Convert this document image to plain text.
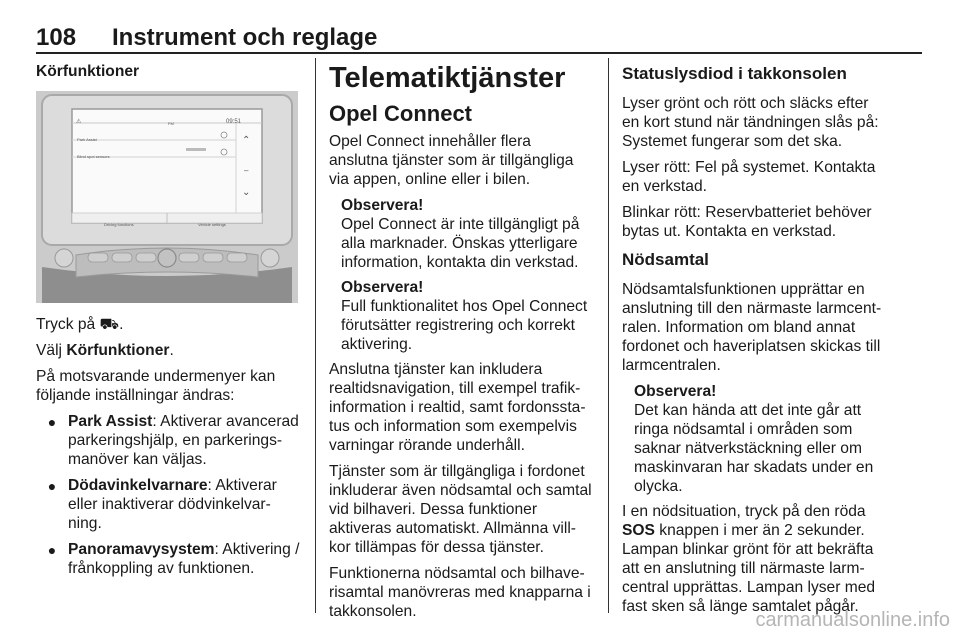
108 Instrument och reglage
Körfunktioner
09:51
FM
Park Assist
Blind spot sensors
Driving functions	Vehicle settings
⚠
⌃
–
⌄

Tryck på ⛟.

Välj Körfunktioner.

På motsvarande undermenyer kan följande inställningar ändras:

● Park Assist: Aktiverar avancerad parkeringshjälp, en parkerings-manöver kan väljas.
● Dödavinkelvarnare: Aktiverar eller inaktiverar dödvinkelvar-ning.
● Panoramavysystem: Aktivering / frånkoppling av funktionen.
Telematiktjänster
Opel Connect

Opel Connect innehåller flera anslutna tjänster som är tillgängliga via appen, online eller i bilen.

Observera!
Opel Connect är inte tillgängligt på alla marknader. Önskas ytterligare information, kontakta din verkstad.
Observera!
Full funktionalitet hos Opel Connect förutsätter registrering och korrekt aktivering.

Anslutna tjänster kan inkludera realtidsnavigation, till exempel trafik-information i realtid, samt fordonssta-tus och information som exempelvis varningar rörande underhåll.

Tjänster som är tillgängliga i fordonet inkluderar även nödsamtal och samtal vid bilhaveri. Dessa funktioner aktiveras automatiskt. Allmänna vill-kor tillämpas för dessa tjänster.

Funktionerna nödsamtal och bilhave-risamtal manövreras med knapparna i takkonsolen.

Statuslysdiod i takkonsolen

Lyser grönt och rött och släcks efter en kort stund när tändningen slås på: Systemet fungerar som det ska.

Lyser rött: Fel på systemet. Kontakta en verkstad.

Blinkar rött: Reservbatteriet behöver bytas ut. Kontakta en verkstad.

Nödsamtal

Nödsamtalsfunktionen upprättar en anslutning till den närmaste larmcent-ralen. Information om bland annat fordonet och haveriplatsen skickas till larmcentralen.

Observera!
Det kan hända att det inte går att ringa nödsamtal i områden som saknar nätverkstäckning eller om maskinvaran har skadats under en olycka.

I en nödsituation, tryck på den röda SOS knappen i mer än 2 sekunder. Lampan blinkar grönt för att bekräfta att en anslutning till närmaste larm-central upprättas. Lampan lyser med fast sken så länge samtalet pågår.

carmanualsonline.info
